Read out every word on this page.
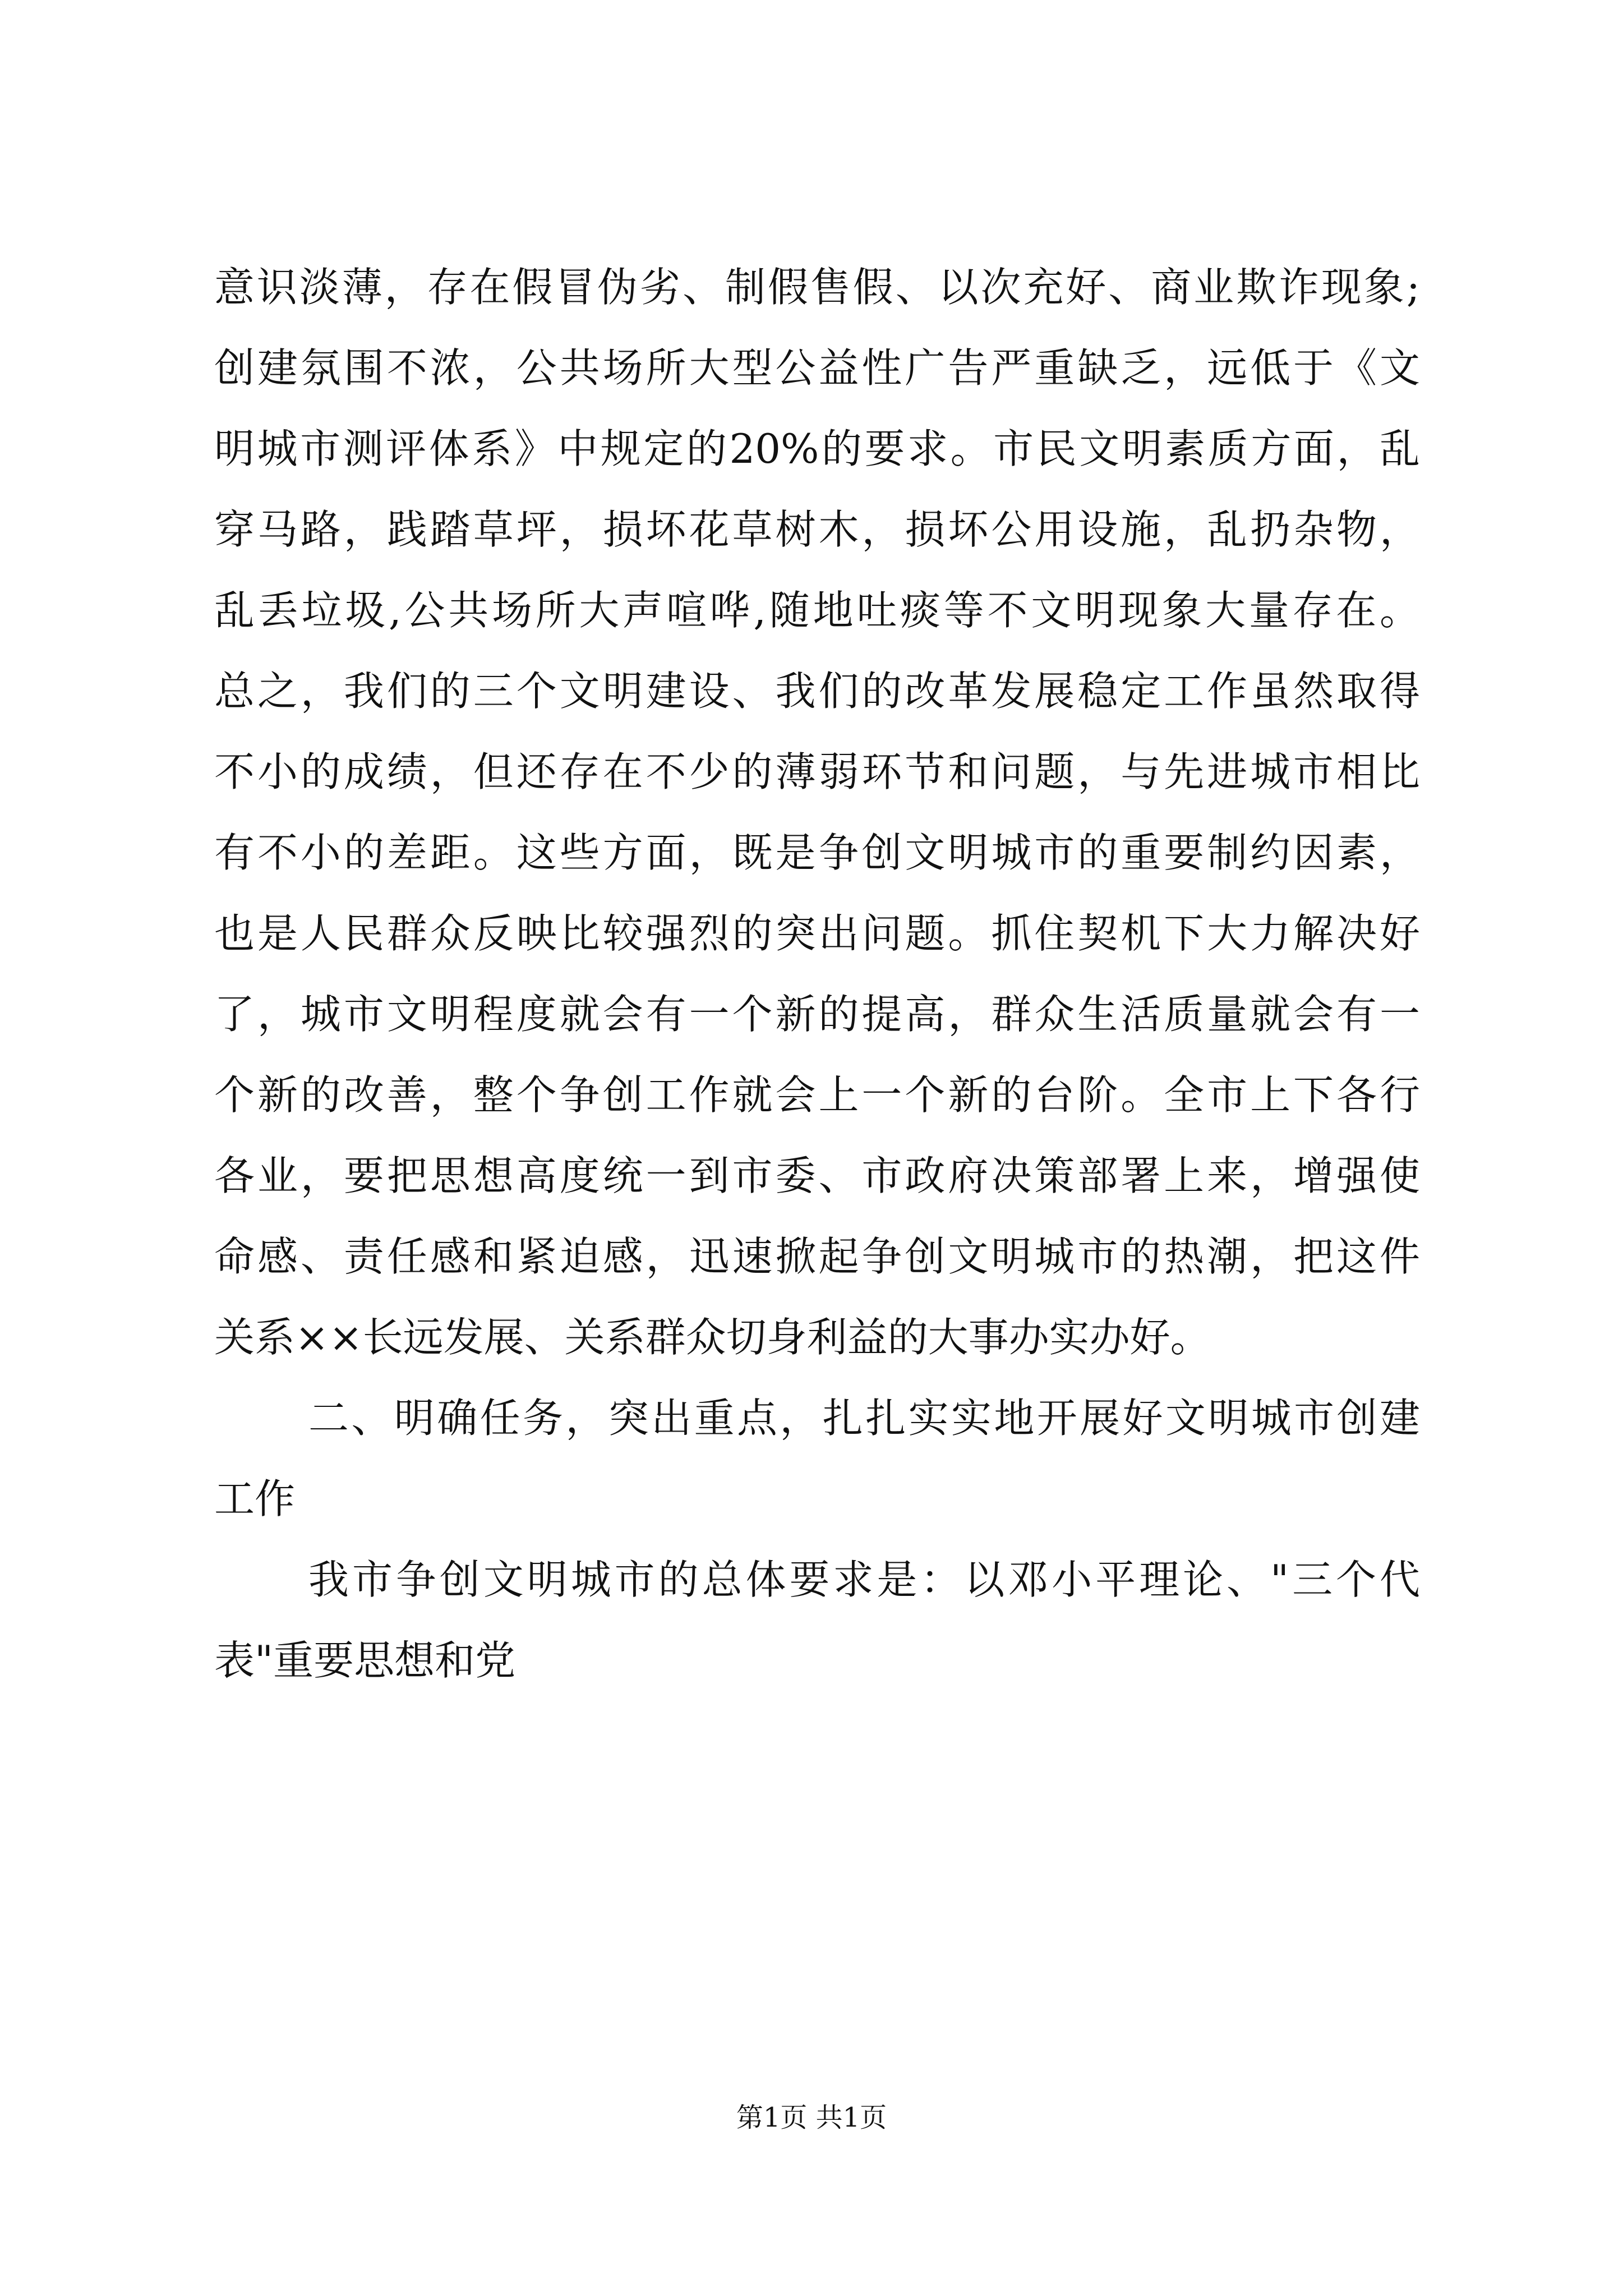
意识淡薄，存在假冒伪劣、制假售假、以次充好、商业欺诈现象;
创建氛围不浓，公共场所大型公益性广告严重缺乏，远低于《文
明城市测评体系》中规定的20%的要求。市民文明素质方面，乱
穿马路，践踏草坪，损坏花草树木，损坏公用设施，乱扔杂物，
乱丢垃圾,公共场所大声喧哗,随地吐痰等不文明现象大量存在。
总之，我们的三个文明建设、我们的改革发展稳定工作虽然取得
不小的成绩，但还存在不少的薄弱环节和问题，与先进城市相比
有不小的差距。这些方面，既是争创文明城市的重要制约因素，
也是人民群众反映比较强烈的突出问题。抓住契机下大力解决好
了，城市文明程度就会有一个新的提高，群众生活质量就会有一
个新的改善，整个争创工作就会上一个新的台阶。全市上下各行
各业，要把思想高度统一到市委、市政府决策部署上来，增强使
命感、责任感和紧迫感，迅速掀起争创文明城市的热潮，把这件
关系××长远发展、关系群众切身利益的大事办实办好。
二、明确任务，突出重点，扎扎实实地开展好文明城市创建
工作
我市争创文明城市的总体要求是：以邓小平理论、"三个代
表"重要思想和党
第1页 共1页
